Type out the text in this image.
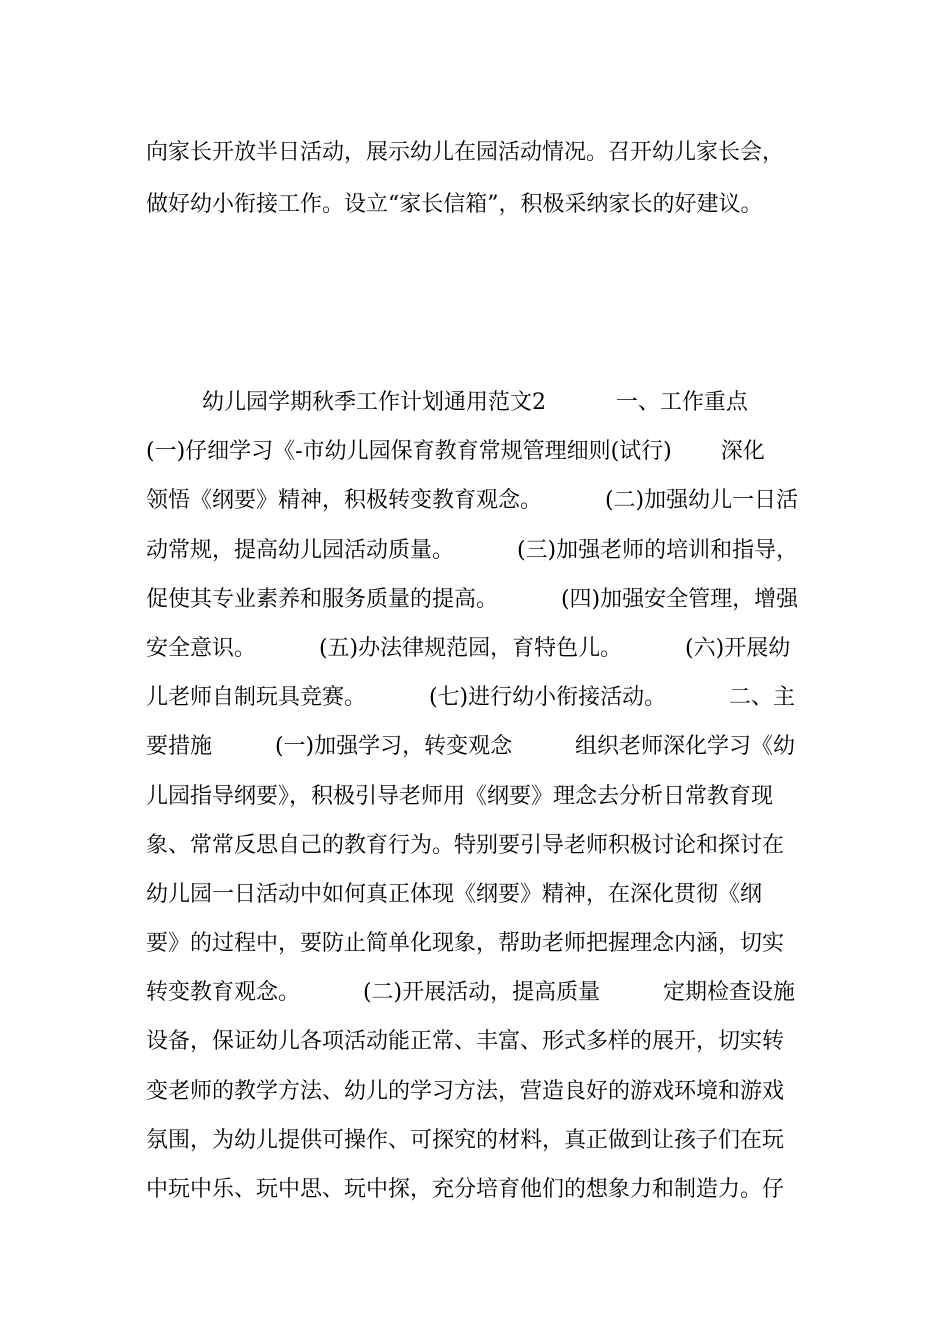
向家长开放半日活动，展示幼儿在园活动情况。召开幼儿家长会，
做好幼小衔接工作。设立“家长信箱”，积极采纳家长的好建议。
幼儿园学期秋季工作计划通用范文2          一、工作重点
(一)仔细学习《-市幼儿园保育教育常规管理细则(试行)       深化
领悟《纲要》精神，积极转变教育观念。         (二)加强幼儿一日活
动常规，提高幼儿园活动质量。         (三)加强老师的培训和指导，
促使其专业素养和服务质量的提高。         (四)加强安全管理，增强
安全意识。         (五)办法律规范园，育特色儿。         (六)开展幼
儿老师自制玩具竞赛。         (七)进行幼小衔接活动。         二、主
要措施         (一)加强学习，转变观念         组织老师深化学习《幼
儿园指导纲要》，积极引导老师用《纲要》理念去分析日常教育现
象、常常反思自己的教育行为。特别要引导老师积极讨论和探讨在
幼儿园一日活动中如何真正体现《纲要》精神，在深化贯彻《纲
要》的过程中，要防止简单化现象，帮助老师把握理念内涵，切实
转变教育观念。         (二)开展活动，提高质量         定期检查设施
设备，保证幼儿各项活动能正常、丰富、形式多样的展开，切实转
变老师的教学方法、幼儿的学习方法，营造良好的游戏环境和游戏
氛围，为幼儿提供可操作、可探究的材料，真正做到让孩子们在玩
中玩中乐、玩中思、玩中探，充分培育他们的想象力和制造力。仔
